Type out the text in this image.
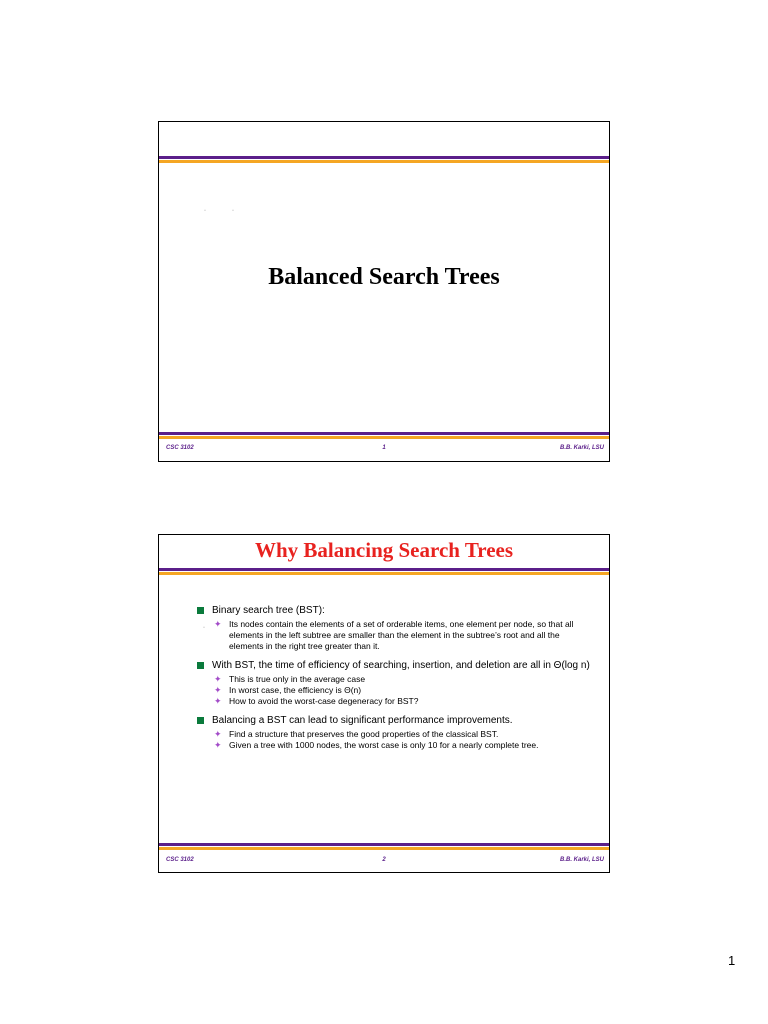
·	·
Balanced Search Trees
CSC 3102	1	B.B. Karki, LSU
Why Balancing Search Trees
Binary search tree (BST):
✦ Its nodes contain the elements of a set of orderable items, one element per node, so that all elements in the left subtree are smaller than the element in the subtree’s root and all the elements in the right tree greater than it.
With BST, the time of efficiency of searching, insertion, and deletion are all in Θ(log n)
✦ This is true only in the average case
✦ In worst case, the efficiency is Θ(n)
✦ How to avoid the worst-case degeneracy for BST?
Balancing a BST can lead to significant performance improvements.
✦ Find a structure that preserves the good properties of the classical BST.
✦ Given a tree with 1000 nodes, the worst case is only 10 for a nearly complete tree.
·
CSC 3102	2	B.B. Karki, LSU
1
